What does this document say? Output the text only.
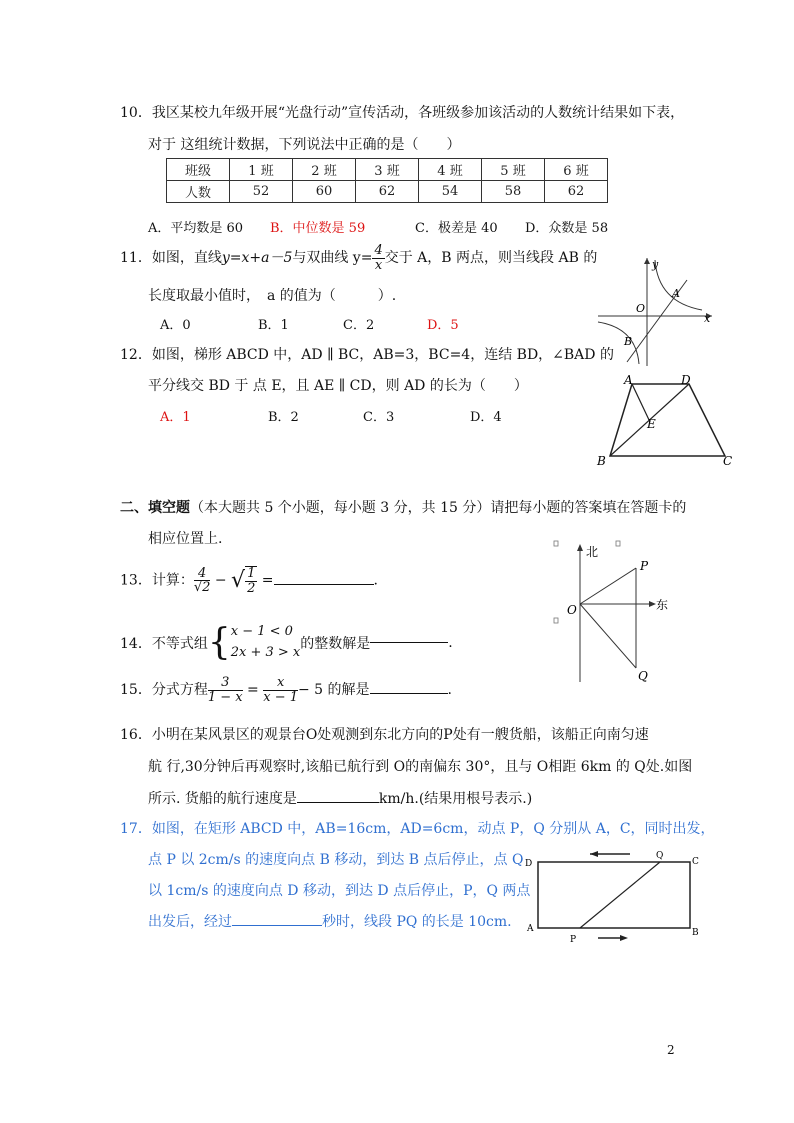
10．我区某校九年级开展“光盘行动”宣传活动，各班级参加该活动的人数统计结果如下表，
对于 这组统计数据，下列说法中正确的是（　　）
班级	1 班	2 班	3 班	4 班	5 班	6 班
人数	52	60	62	54	58	62
A．平均数是 60 B．中位数是 59	C．极差是 40 D．众数是 58
11．如图，直线y=x+a－5与双曲线 $y= \frac{4}{x}$ 交于 A，B 两点，则当线段 AB 的
长度取最小值时，　a 的值为（　　　）.
A．0	B．1	C．2	D．5
y
x
O
A
B
12．如图，梯形 ABCD 中，AD ∥ BC，AB=3，BC=4，连结 BD，∠BAD 的
平分线交 BD 于 点 E，且 AE ∥ CD，则 AD 的长为（　　）
A．1	B．2	C．3	D．4
A	D
E
B	C
二、填空题（本大题共 5 个小题，每小题 3 分，共 15 分）请把每小题的答案填在答题卡的
相应位置上.
13．计算： $\frac{4}{√2}$ − √ $\frac{1}{2}$ =	.
14．不等式组{ x − 1 < 0
2x + 3 > x
的整数解是	.
15．分式方程 $\frac{3}{1 - x} = \frac{x}{x - 1} - 5$ 的解是	.
北
东
O
P
Q
16．小明在某风景区的观景台O处观测到东北方向的P处有一艘货船，该船正向南匀速
航 行,30分钟后再观察时,该船已航行到 O的南偏东 30°，且与 O相距 6km 的 Q处.如图
所示. 货船的航行速度是	km/h.(结果用根号表示.)
17．如图，在矩形 ABCD 中，AB=16cm，AD=6cm，动点 P，Q 分别从 A，C，同时出发，
点 P 以 2cm/s 的速度向点 B 移动，到达 B 点后停止，点 Q
以 1cm/s 的速度向点 D 移动，到达 D 点后停止，P，Q 两点
出发后，经过	秒时，线段 PQ 的长是 10cm.
D
Q
C
A
P
B
2
